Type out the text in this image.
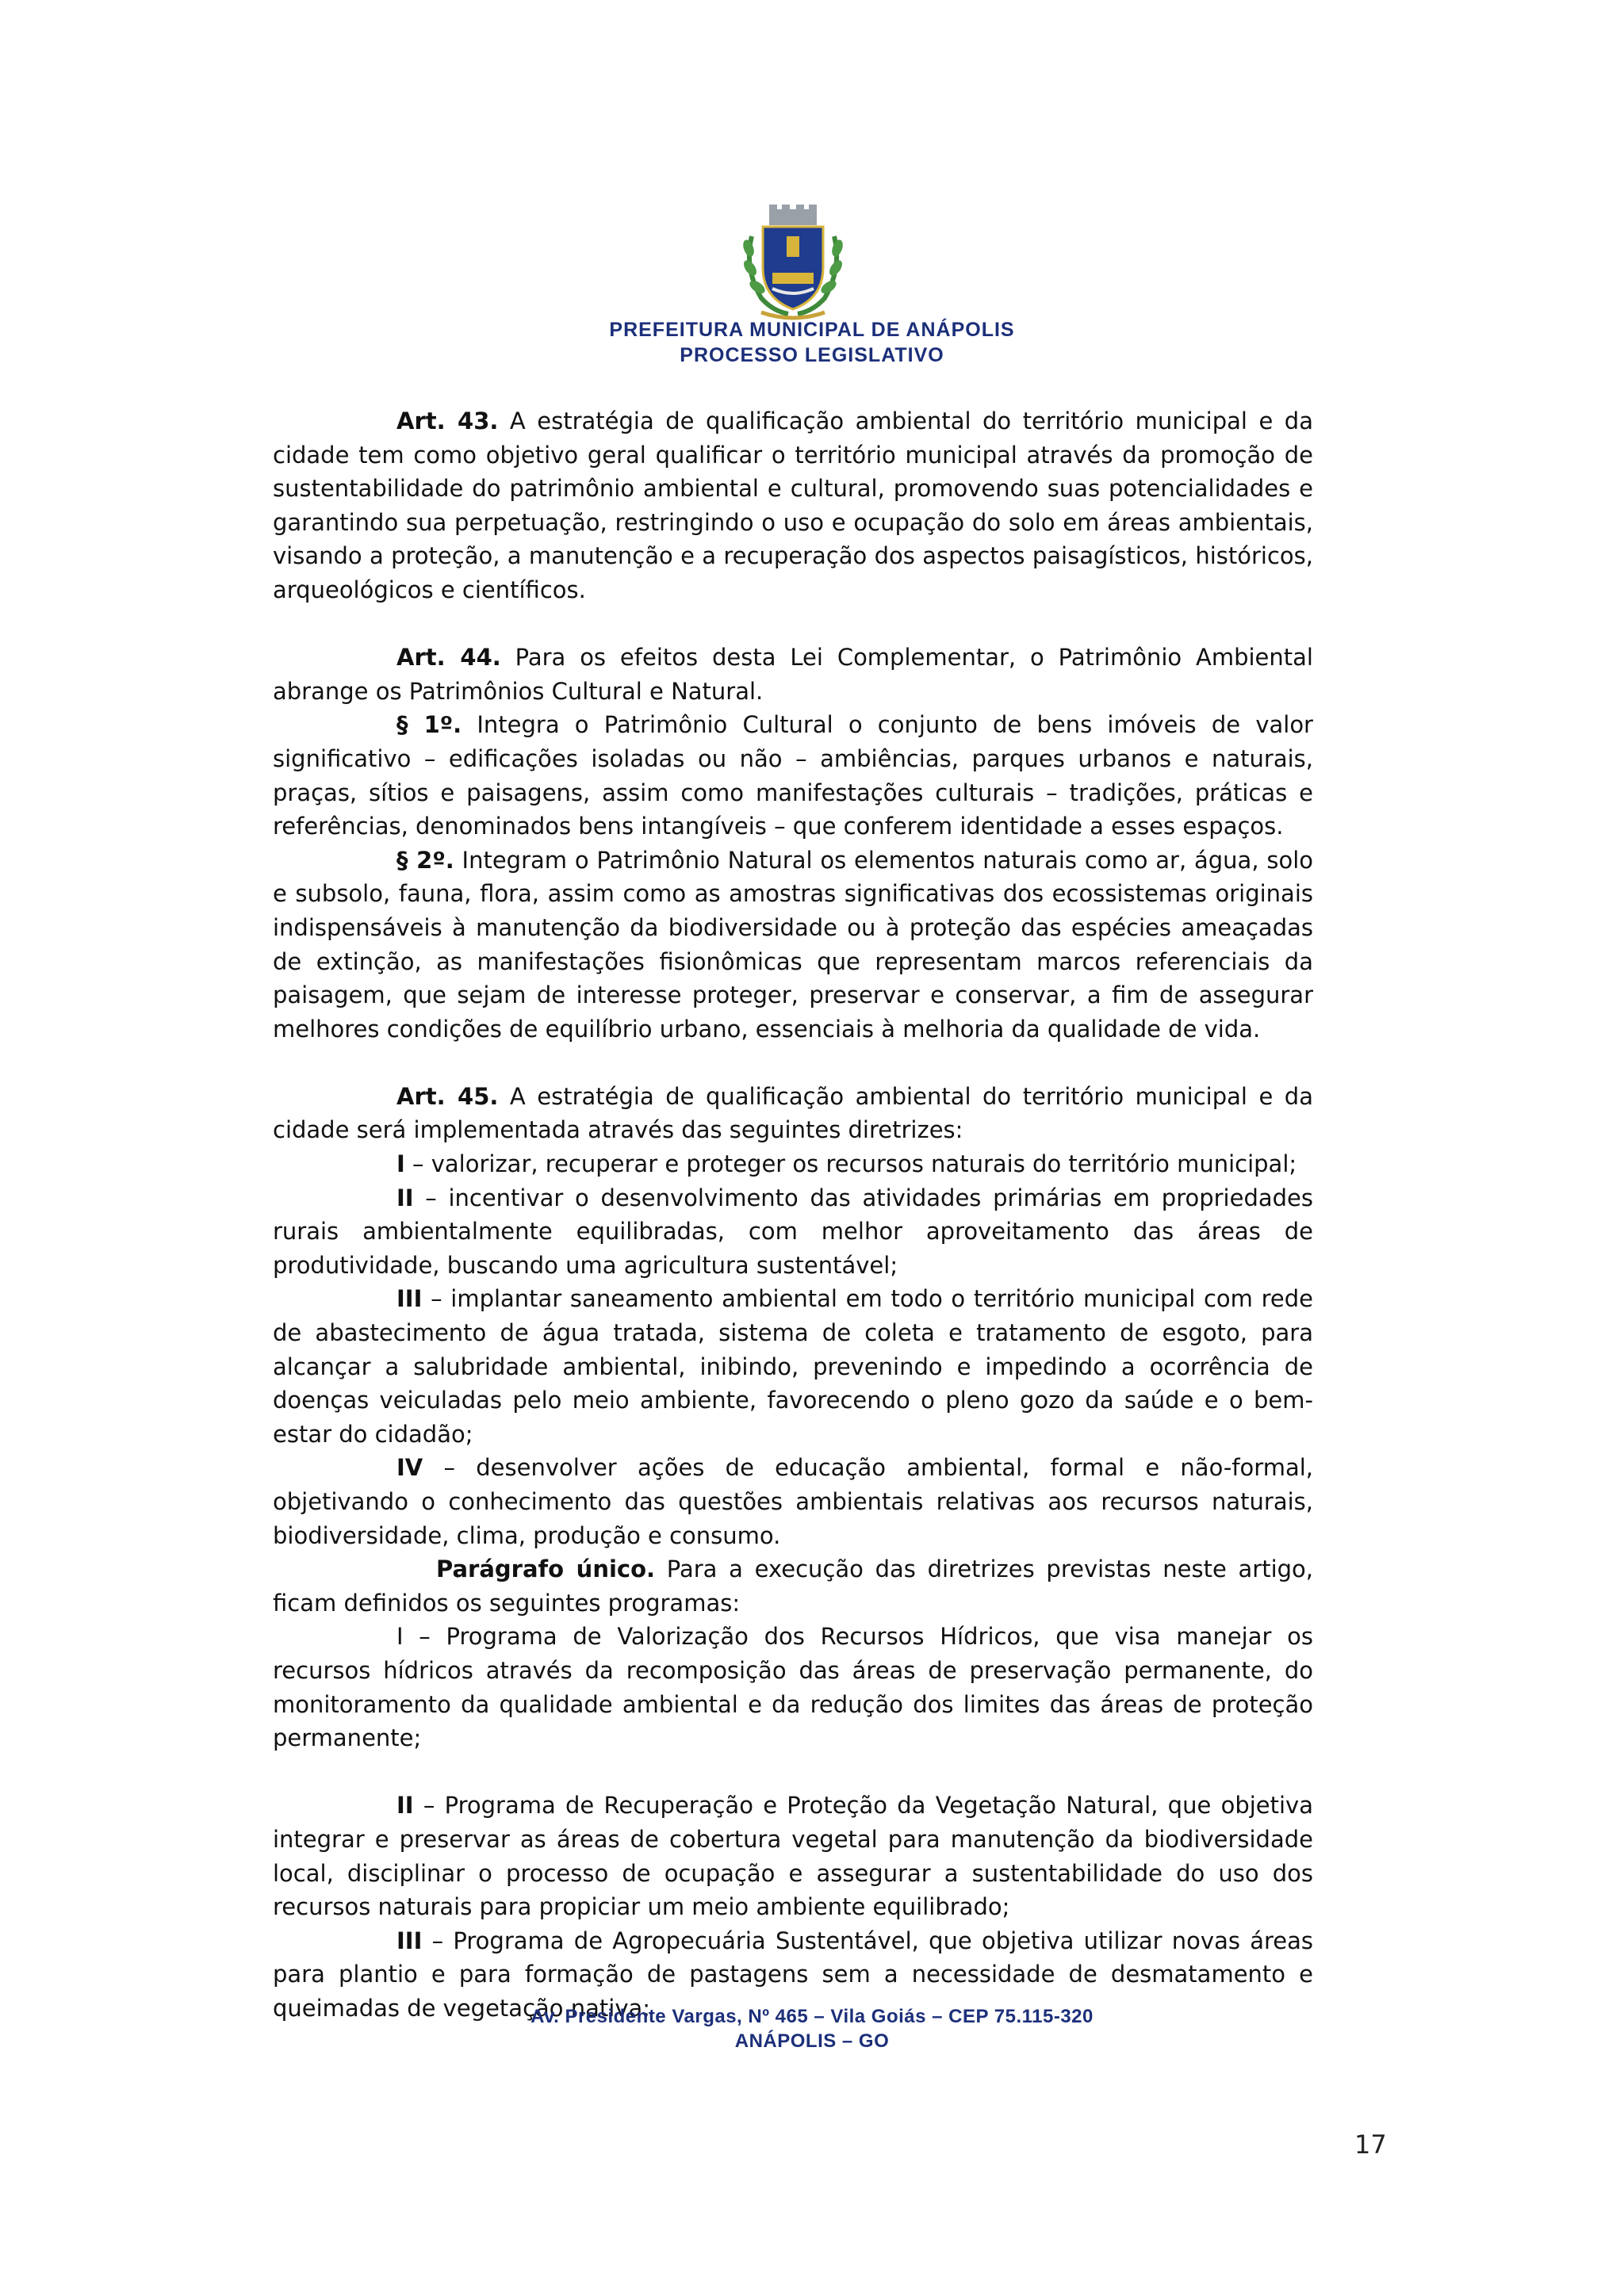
PREFEITURA MUNICIPAL DE ANÁPOLIS
PROCESSO LEGISLATIVO

Art. 43. A estratégia de qualificação ambiental do território municipal e da cidade tem como objetivo geral qualificar o território municipal através da promoção de sustentabilidade do patrimônio ambiental e cultural, promovendo suas potencialidades e garantindo sua perpetuação, restringindo o uso e ocupação do solo em áreas ambientais, visando a proteção, a manutenção e a recuperação dos aspectos paisagísticos, históricos, arqueológicos e científicos.

Art. 44. Para os efeitos desta Lei Complementar, o Patrimônio Ambiental abrange os Patrimônios Cultural e Natural.

§ 1º. Integra o Patrimônio Cultural o conjunto de bens imóveis de valor significativo – edificações isoladas ou não – ambiências, parques urbanos e naturais, praças, sítios e paisagens, assim como manifestações culturais – tradições, práticas e referências, denominados bens intangíveis – que conferem identidade a esses espaços.

§ 2º. Integram o Patrimônio Natural os elementos naturais como ar, água, solo e subsolo, fauna, flora, assim como as amostras significativas dos ecossistemas originais indispensáveis à manutenção da biodiversidade ou à proteção das espécies ameaçadas de extinção, as manifestações fisionômicas que representam marcos referenciais da paisagem, que sejam de interesse proteger, preservar e conservar, a fim de assegurar melhores condições de equilíbrio urbano, essenciais à melhoria da qualidade de vida.

Art. 45. A estratégia de qualificação ambiental do território municipal e da cidade será implementada através das seguintes diretrizes:

I – valorizar, recuperar e proteger os recursos naturais do território municipal;

II – incentivar o desenvolvimento das atividades primárias em propriedades rurais ambientalmente equilibradas, com melhor aproveitamento das áreas de produtividade, buscando uma agricultura sustentável;

III – implantar saneamento ambiental em todo o território municipal com rede de abastecimento de água tratada, sistema de coleta e tratamento de esgoto, para alcançar a salubridade ambiental, inibindo, prevenindo e impedindo a ocorrência de doenças veiculadas pelo meio ambiente, favorecendo o pleno gozo da saúde e o bem-estar do cidadão;

IV – desenvolver ações de educação ambiental, formal e não-formal, objetivando o conhecimento das questões ambientais relativas aos recursos naturais, biodiversidade, clima, produção e consumo.

Parágrafo único. Para a execução das diretrizes previstas neste artigo, ficam definidos os seguintes programas:

I – Programa de Valorização dos Recursos Hídricos, que visa manejar os recursos hídricos através da recomposição das áreas de preservação permanente, do monitoramento da qualidade ambiental e da redução dos limites das áreas de proteção permanente;

II – Programa de Recuperação e Proteção da Vegetação Natural, que objetiva integrar e preservar as áreas de cobertura vegetal para manutenção da biodiversidade local, disciplinar o processo de ocupação e assegurar a sustentabilidade do uso dos recursos naturais para propiciar um meio ambiente equilibrado;

III – Programa de Agropecuária Sustentável, que objetiva utilizar novas áreas para plantio e para formação de pastagens sem a necessidade de desmatamento e queimadas de vegetação nativa;

Av. Presidente Vargas, Nº 465 – Vila Goiás – CEP 75.115-320
ANÁPOLIS – GO
17
